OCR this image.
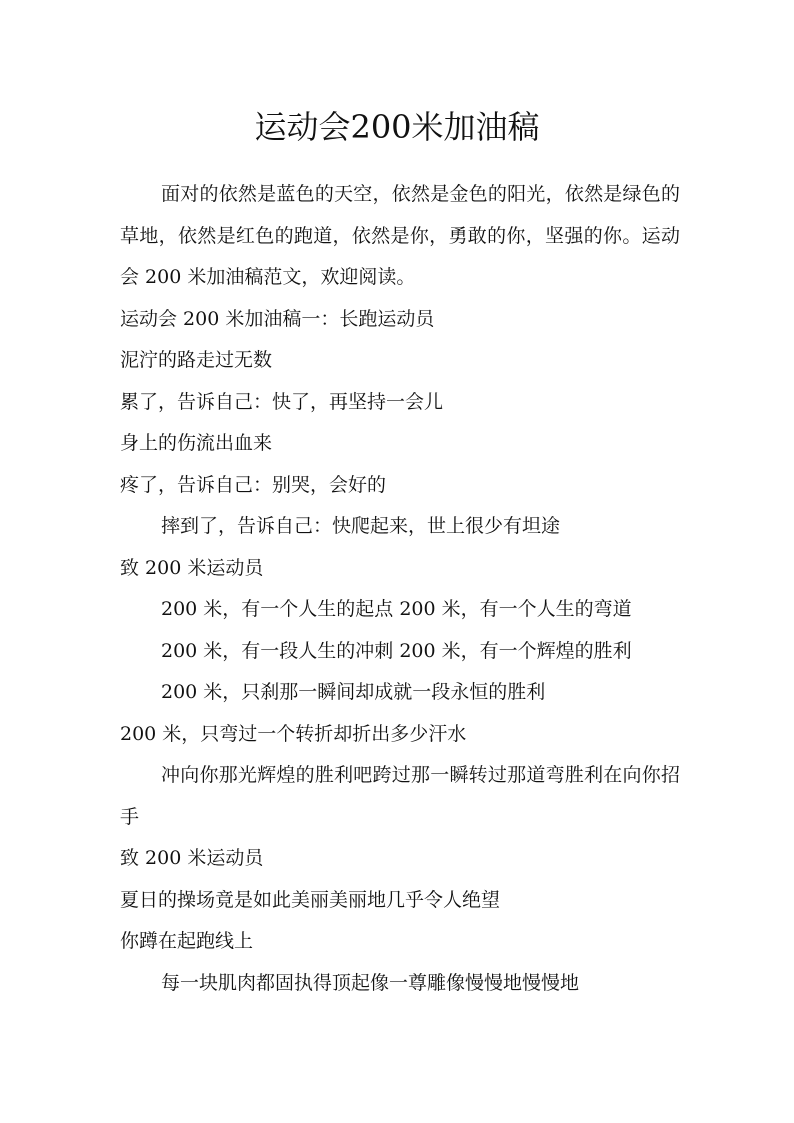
运动会200米加油稿

面对的依然是蓝色的天空，依然是金色的阳光，依然是绿色的草地，依然是红色的跑道，依然是你，勇敢的你，坚强的你。运动会 200 米加油稿范文，欢迎阅读。

运动会 200 米加油稿一：长跑运动员

泥泞的路走过无数

累了，告诉自己：快了，再坚持一会儿

身上的伤流出血来

疼了，告诉自己：别哭，会好的

摔到了，告诉自己：快爬起来，世上很少有坦途

致 200 米运动员

200 米，有一个人生的起点 200 米，有一个人生的弯道

200 米，有一段人生的冲刺 200 米，有一个辉煌的胜利

200 米，只刹那一瞬间却成就一段永恒的胜利

200 米，只弯过一个转折却折出多少汗水

冲向你那光辉煌的胜利吧跨过那一瞬转过那道弯胜利在向你招手

致 200 米运动员

夏日的操场竟是如此美丽美丽地几乎令人绝望

你蹲在起跑线上

每一块肌肉都固执得顶起像一尊雕像慢慢地慢慢地
